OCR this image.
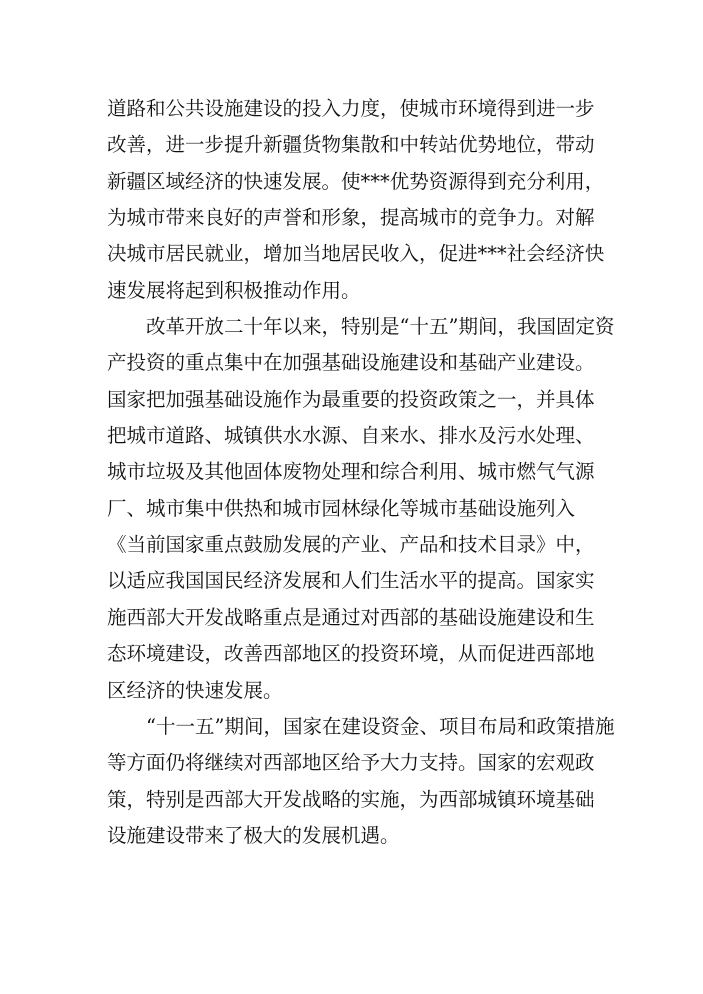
道路和公共设施建设的投入力度，使城市环境得到进一步
改善，进一步提升新疆货物集散和中转站优势地位，带动
新疆区域经济的快速发展。使***优势资源得到充分利用，
为城市带来良好的声誉和形象，提高城市的竞争力。对解
决城市居民就业，增加当地居民收入，促进***社会经济快
速发展将起到积极推动作用。
　　改革开放二十年以来，特别是“十五”期间，我国固定资
产投资的重点集中在加强基础设施建设和基础产业建设。
国家把加强基础设施作为最重要的投资政策之一，并具体
把城市道路、城镇供水水源、自来水、排水及污水处理、
城市垃圾及其他固体废物处理和综合利用、城市燃气气源
厂、城市集中供热和城市园林绿化等城市基础设施列入
《当前国家重点鼓励发展的产业、产品和技术目录》中，
以适应我国国民经济发展和人们生活水平的提高。国家实
施西部大开发战略重点是通过对西部的基础设施建设和生
态环境建设，改善西部地区的投资环境，从而促进西部地
区经济的快速发展。
　　“十一五”期间，国家在建设资金、项目布局和政策措施
等方面仍将继续对西部地区给予大力支持。国家的宏观政
策，特别是西部大开发战略的实施，为西部城镇环境基础
设施建设带来了极大的发展机遇。
